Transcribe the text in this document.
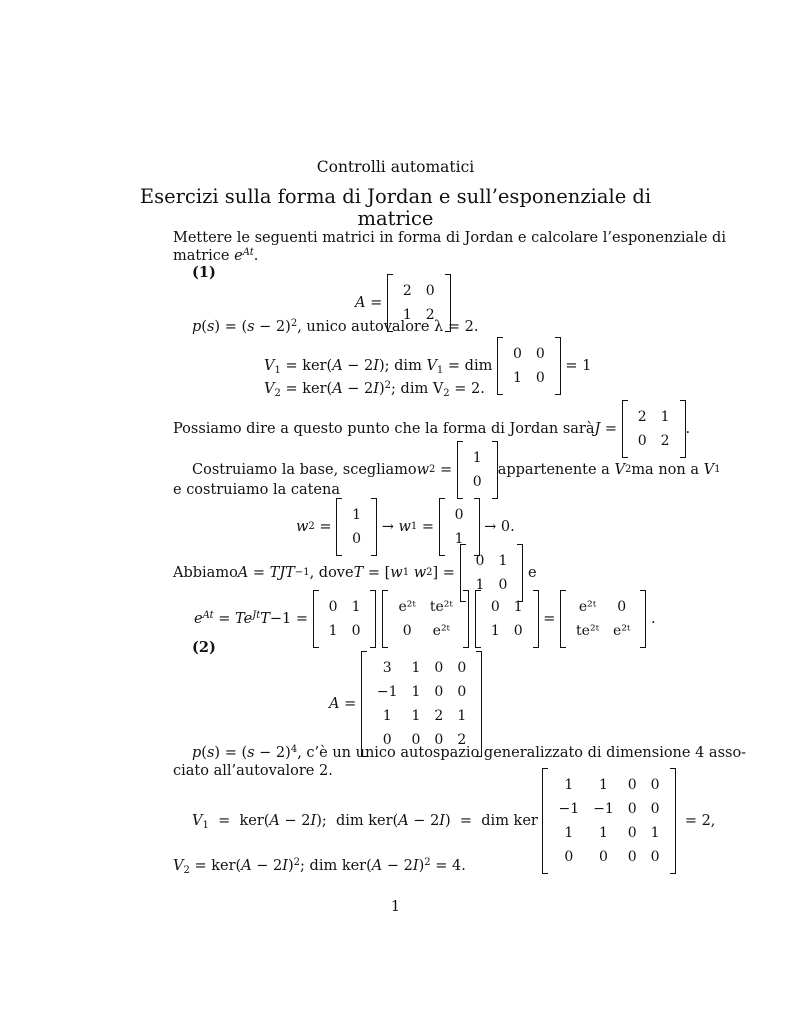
Controlli automatici
Esercizi sulla forma di Jordan e sull’esponenziale di
matrice
Mettere le seguenti matrici in forma di Jordan e calcolare l’esponenziale di
matrice $e^{At}$.
(1)
A =
2	0
1	2
$p(s) = (s - 2)^2$, unico autovalore λ = 2.
$V_1 = ker(A - 2I)$; dim $V_1$ = dim
0	0
1	0

= 1
$V_2 = ker(A - 2I)^2$; dim $V_2 = 2$.
Possiamo dire a questo punto che la forma di Jordan sarà J =
2	1
0	2
.
Costruiamo la base, scegliamo w 2 =
1
0
appartenente a
V 2 ma non a
V 1
e costruiamo la catena
w 2 =
1
0
→ w 1 =
0
1

→ 0.
Abbiamo A = TJT −1 , dove T = [ w 1
w 2 ] =
0	1
1	0

e
$e^{At} = Te^{Jt}T -1$ =
0	1
1	0
e²ᵗ	te²ᵗ
0	e²ᵗ
0	1
1	0
=
e²ᵗ	0
te²ᵗ	e²ᵗ
.
(2)
A =
3	1	0	0
−1	1	0	0
1	1	2	1
0	0	0	2
$p(s) = (s - 2)^4$, c’è un unico autospazio generalizzato di dimensione 4 asso-
ciato all’autovalore 2.
$V_1 = ker(A - 2I)$;  dim ker(A − 2I)  =  dim ker
1	1	0	0
−1	−1	0	0
1	1	0	1
0	0	0	0

= 2,
$V_2 = ker(A - 2I)^2$; dim $ker(A - 2I)^2 = 4$.
1
